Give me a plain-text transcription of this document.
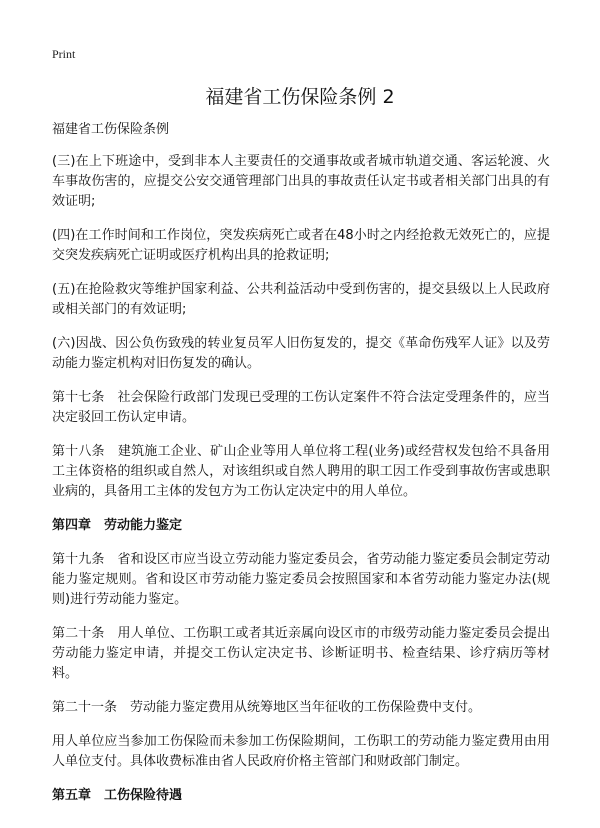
Print
福建省工伤保险条例 2

福建省工伤保险条例

(三)在上下班途中，受到非本人主要责任的交通事故或者城市轨道交通、客运轮渡、火车事故伤害的，应提交公安交通管理部门出具的事故责任认定书或者相关部门出具的有效证明;

(四)在工作时间和工作岗位，突发疾病死亡或者在48小时之内经抢救无效死亡的，应提交突发疾病死亡证明或医疗机构出具的抢救证明;

(五)在抢险救灾等维护国家利益、公共利益活动中受到伤害的，提交县级以上人民政府或相关部门的有效证明;

(六)因战、因公负伤致残的转业复员军人旧伤复发的，提交《革命伤残军人证》以及劳动能力鉴定机构对旧伤复发的确认。

第十七条　社会保险行政部门发现已受理的工伤认定案件不符合法定受理条件的，应当决定驳回工伤认定申请。

第十八条　建筑施工企业、矿山企业等用人单位将工程(业务)或经营权发包给不具备用工主体资格的组织或自然人，对该组织或自然人聘用的职工因工作受到事故伤害或患职业病的，具备用工主体的发包方为工伤认定决定中的用人单位。

第四章　劳动能力鉴定

第十九条　省和设区市应当设立劳动能力鉴定委员会，省劳动能力鉴定委员会制定劳动能力鉴定规则。省和设区市劳动能力鉴定委员会按照国家和本省劳动能力鉴定办法(规则)进行劳动能力鉴定。

第二十条　用人单位、工伤职工或者其近亲属向设区市的市级劳动能力鉴定委员会提出劳动能力鉴定申请，并提交工伤认定决定书、诊断证明书、检查结果、诊疗病历等材料。

第二十一条　劳动能力鉴定费用从统筹地区当年征收的工伤保险费中支付。

用人单位应当参加工伤保险而未参加工伤保险期间，工伤职工的劳动能力鉴定费用由用人单位支付。具体收费标准由省人民政府价格主管部门和财政部门制定。

第五章　工伤保险待遇
